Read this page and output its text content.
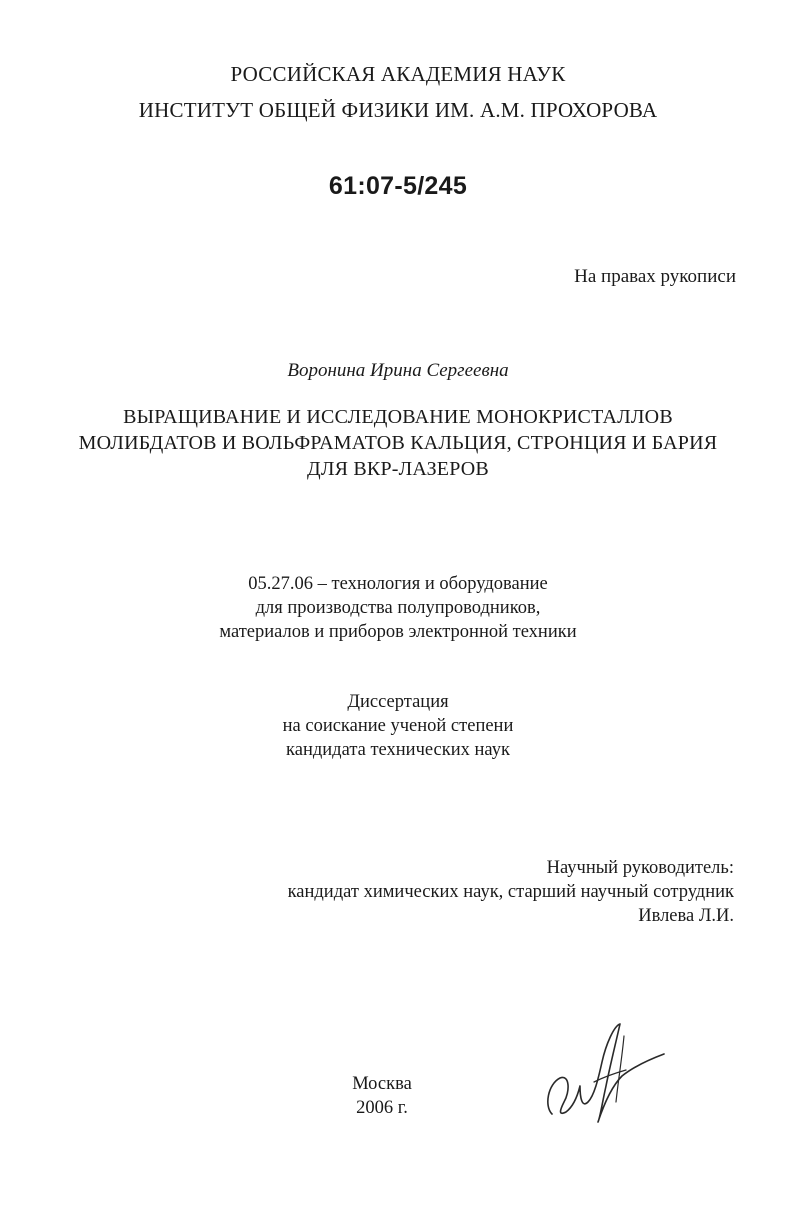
РОССИЙСКАЯ АКАДЕМИЯ НАУК
ИНСТИТУТ ОБЩЕЙ ФИЗИКИ ИМ. А.М. ПРОХОРОВА
61:07-5/245
На правах рукописи
Воронина Ирина Сергеевна
ВЫРАЩИВАНИЕ И ИССЛЕДОВАНИЕ МОНОКРИСТАЛЛОВ
МОЛИБДАТОВ И ВОЛЬФРАМАТОВ КАЛЬЦИЯ, СТРОНЦИЯ И БАРИЯ
ДЛЯ ВКР-ЛАЗЕРОВ
05.27.06 – технология и оборудование
для производства полупроводников,
материалов и приборов электронной техники
Диссертация
на соискание ученой степени
кандидата технических наук
Научный руководитель:
кандидат химических наук, старший научный сотрудник
Ивлева Л.И.
Москва
2006 г.
